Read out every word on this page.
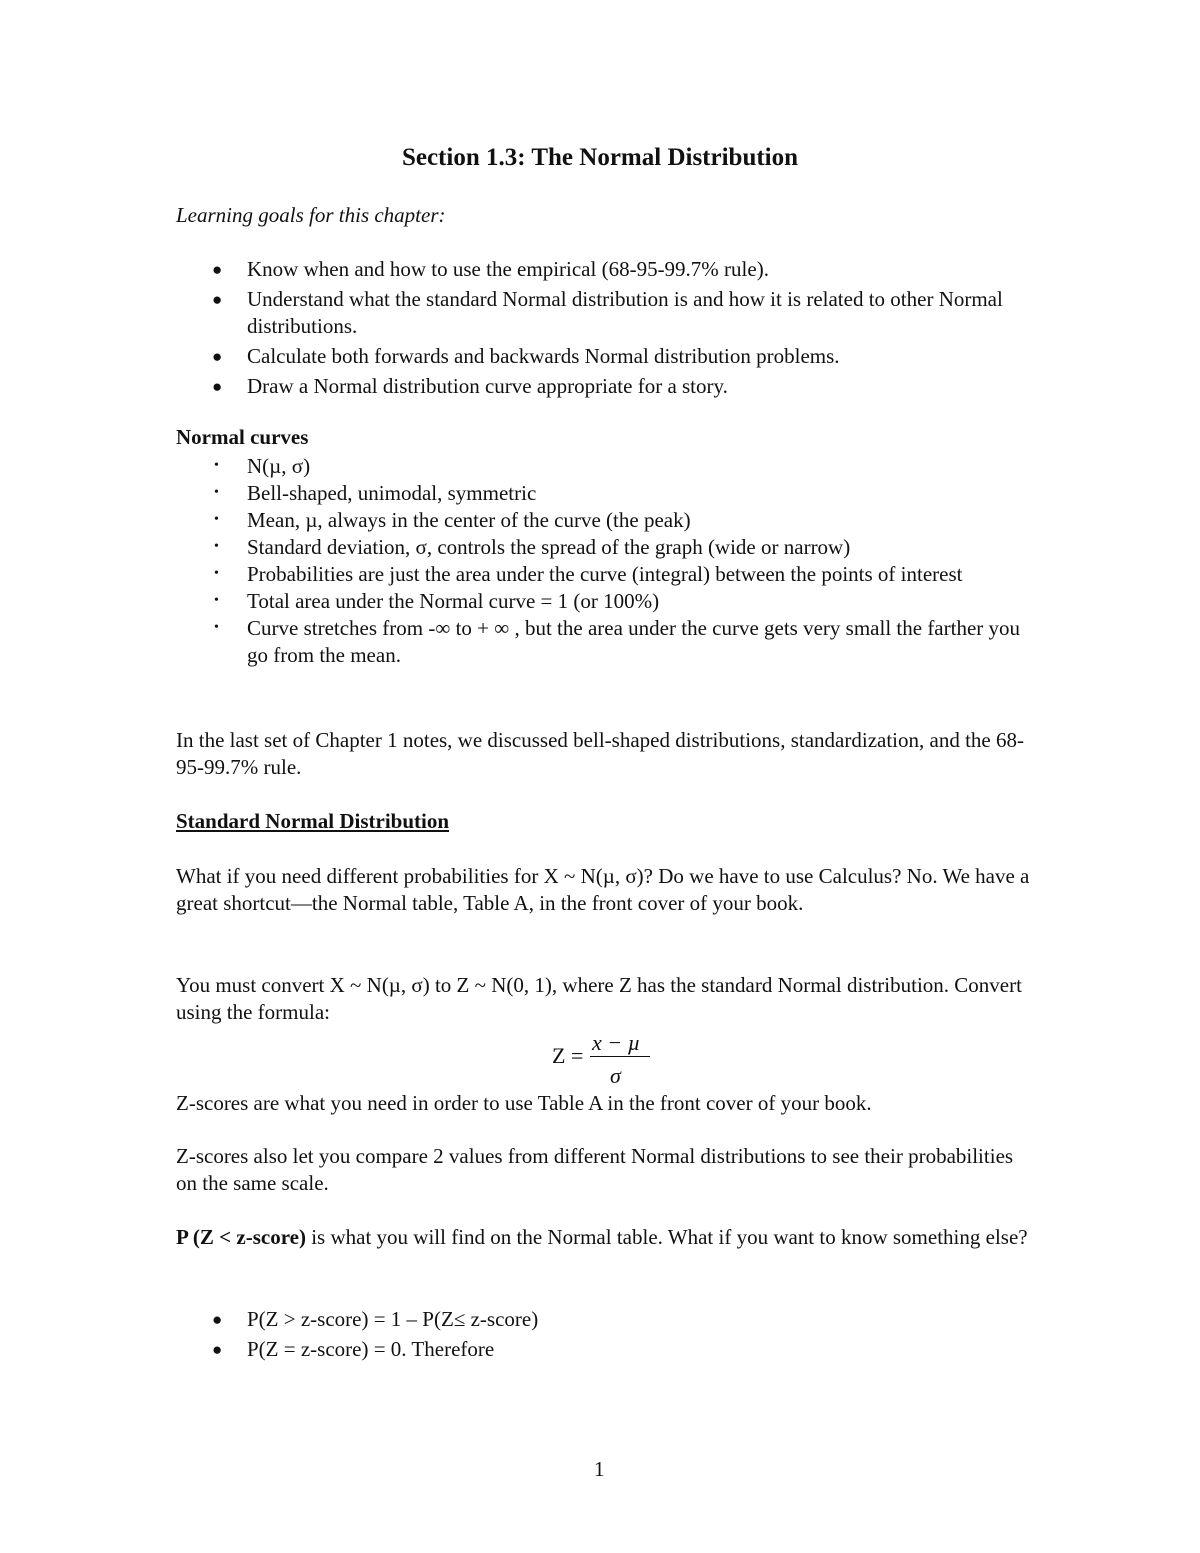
Section 1.3: The Normal Distribution
Learning goals for this chapter:
● Know when and how to use the empirical (68-95-99.7% rule).
● Understand what the standard Normal distribution is and how it is related to other Normal distributions.
● Calculate both forwards and backwards Normal distribution problems.
● Draw a Normal distribution curve appropriate for a story.
Normal curves
• N(µ, σ)
• Bell-shaped, unimodal, symmetric
• Mean, µ, always in the center of the curve (the peak)
• Standard deviation, σ, controls the spread of the graph (wide or narrow)
• Probabilities are just the area under the curve (integral) between the points of interest
• Total area under the Normal curve = 1 (or 100%)
• Curve stretches from -∞ to + ∞ , but the area under the curve gets very small the farther you go from the mean.
In the last set of Chapter 1 notes, we discussed bell-shaped distributions, standardization, and the 68-95-99.7% rule.
Standard Normal Distribution
What if you need different probabilities for X ~ N(µ, σ)? Do we have to use Calculus? No. We have a great shortcut—the Normal table, Table A, in the front cover of your book.
You must convert X ~ N(µ, σ) to Z ~ N(0, 1), where Z has the standard Normal distribution. Convert using the formula:
Z =
x − µ
σ
Z-scores are what you need in order to use Table A in the front cover of your book.
Z-scores also let you compare 2 values from different Normal distributions to see their probabilities on the same scale.
P (Z < z-score) is what you will find on the Normal table. What if you want to know something else?
● P(Z > z-score) = 1 – P(Z≤ z-score)
● P(Z = z-score) = 0. Therefore
1
